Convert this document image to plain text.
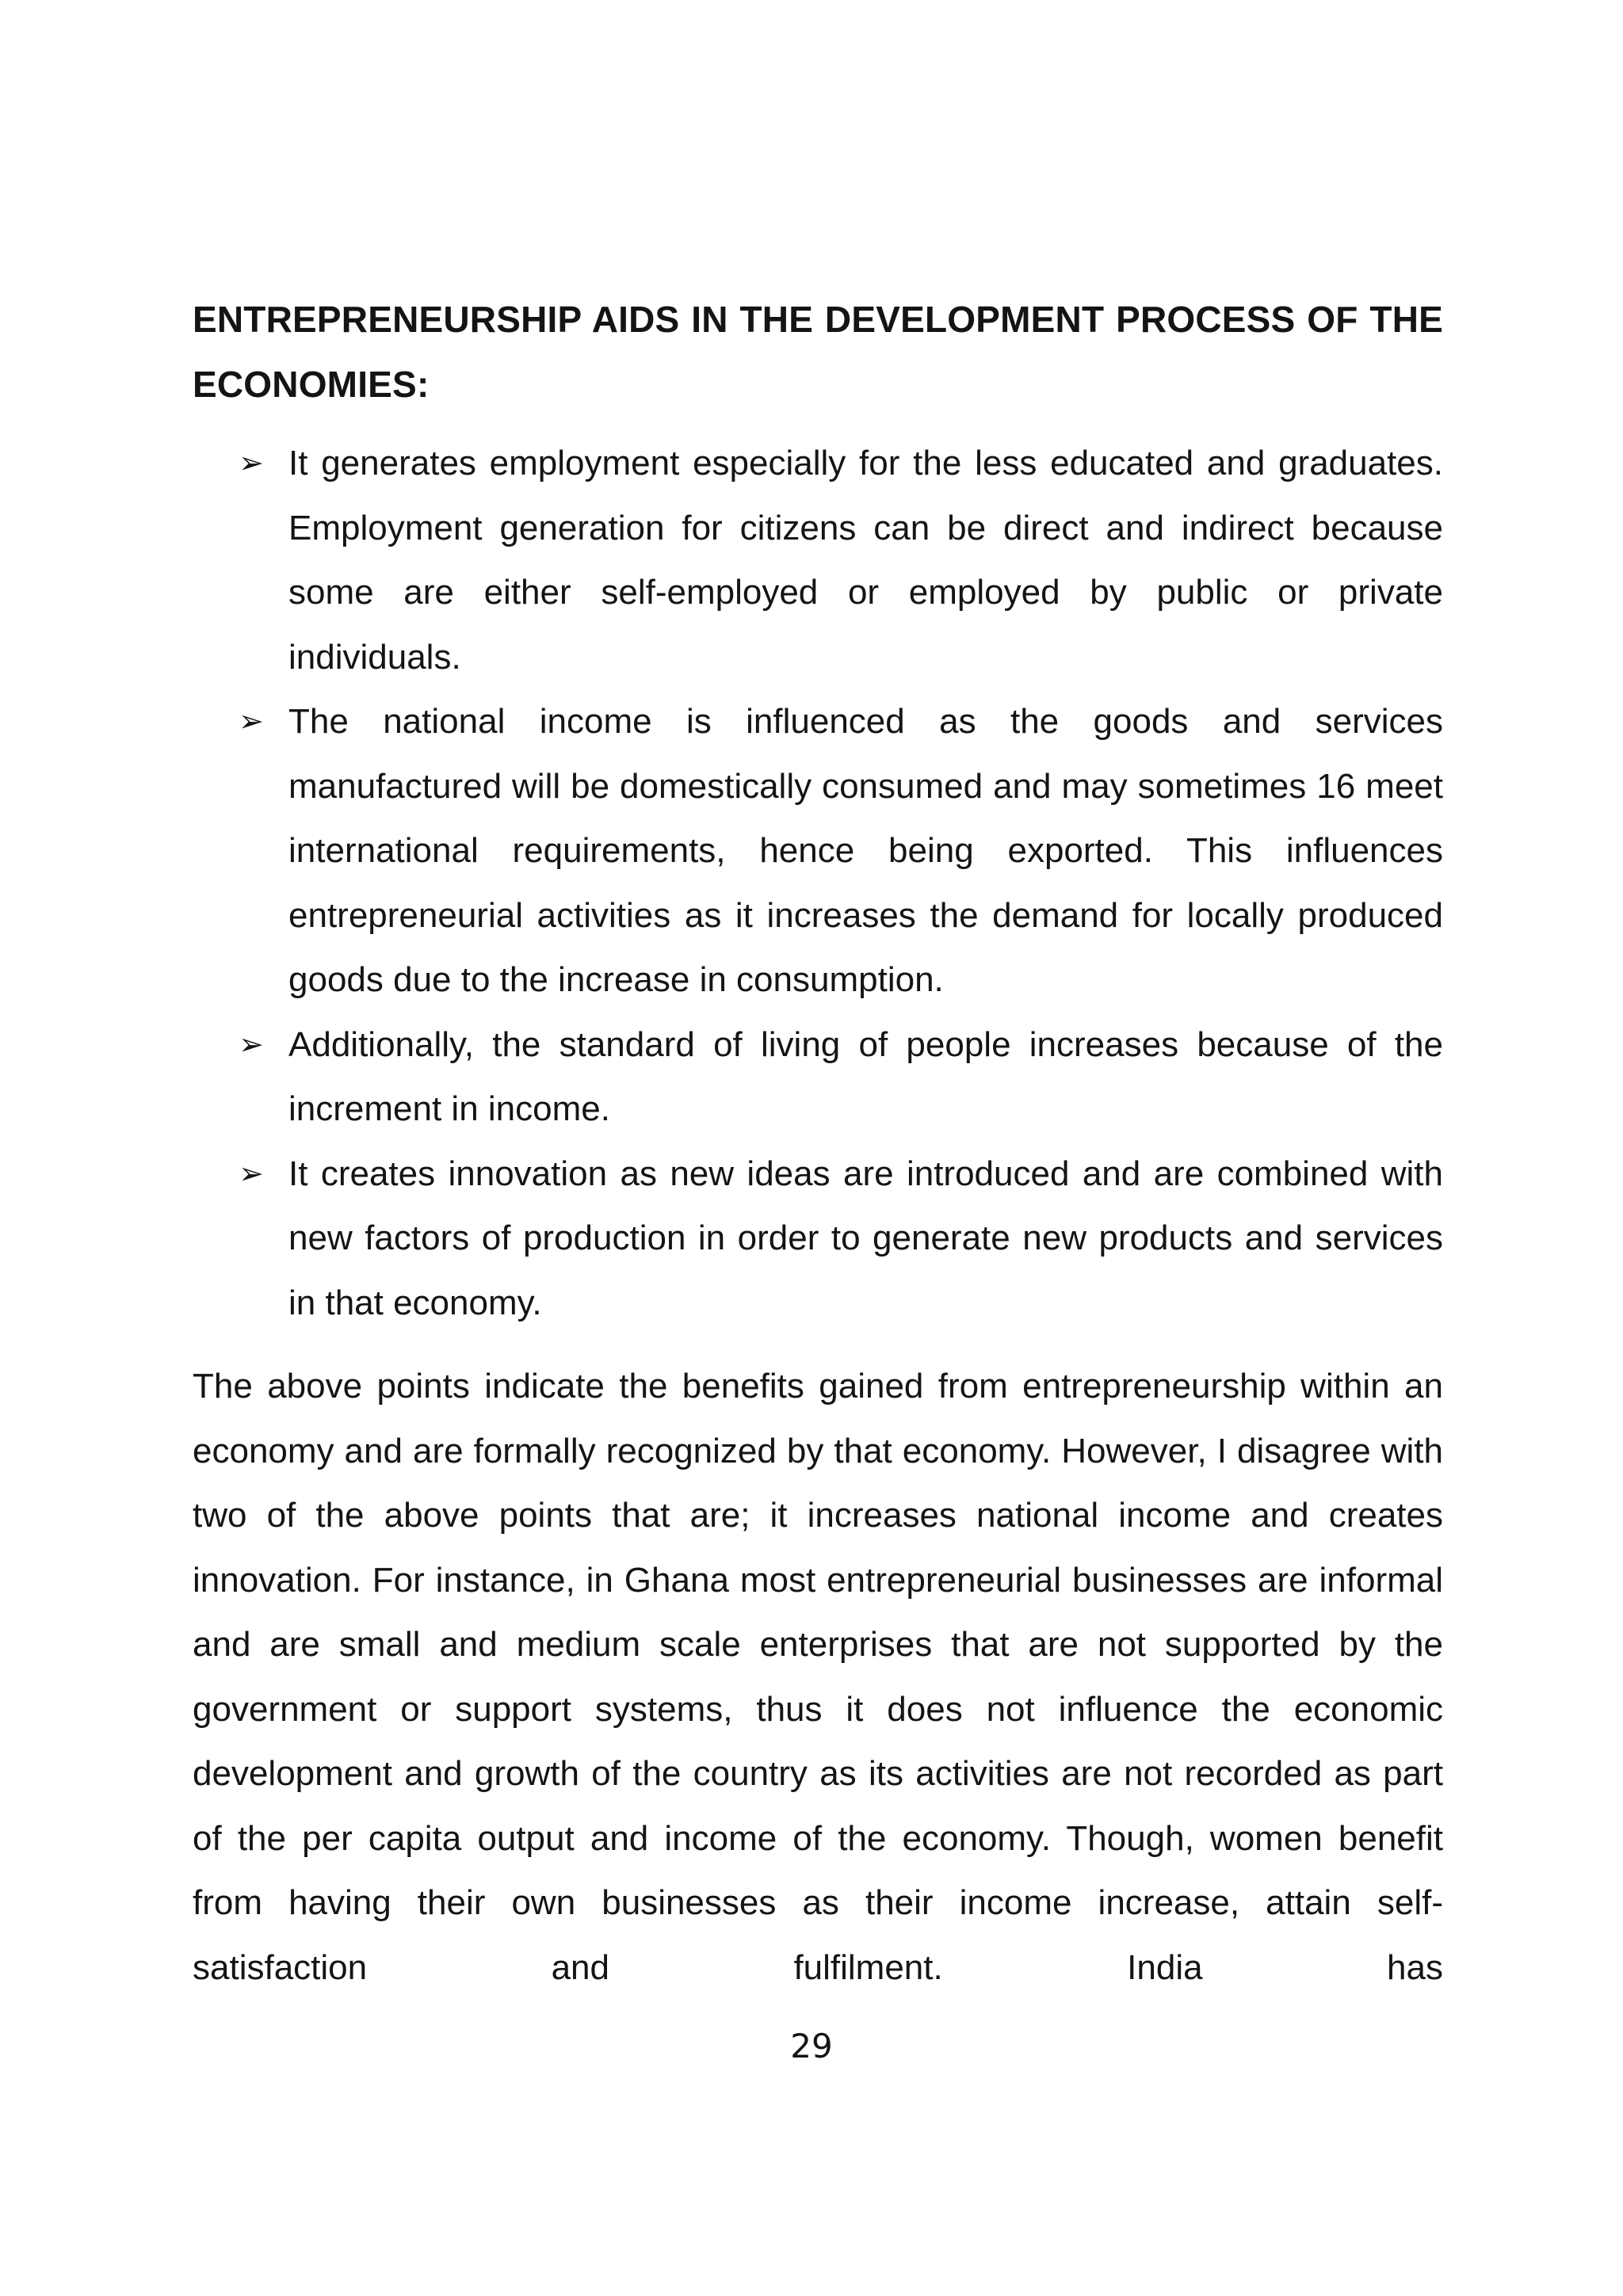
ENTREPRENEURSHIP AIDS IN THE DEVELOPMENT PROCESS OF THE ECONOMIES:
➢ It generates employment especially for the less educated and graduates. Employment generation for citizens can be direct and indirect because some are either self-employed or employed by public or private individuals.
➢ The national income is influenced as the goods and services manufactured will be domestically consumed and may sometimes 16 meet international requirements, hence being exported. This influences entrepreneurial activities as it increases the demand for locally produced goods due to the increase in consumption.
➢ Additionally, the standard of living of people increases because of the increment in income.
➢ It creates innovation as new ideas are introduced and are combined with new factors of production in order to generate new products and services in that economy.

The above points indicate the benefits gained from entrepreneurship within an economy and are formally recognized by that economy. However, I disagree with two of the above points that are; it increases national income and creates innovation. For instance, in Ghana most entrepreneurial businesses are informal and are small and medium scale enterprises that are not supported by the government or support systems, thus it does not influence the economic development and growth of the country as its activities are not recorded as part of the per capita output and income of the economy. Though, women benefit from having their own businesses as their income increase, attain self- satisfaction and fulfilment. India has

29
